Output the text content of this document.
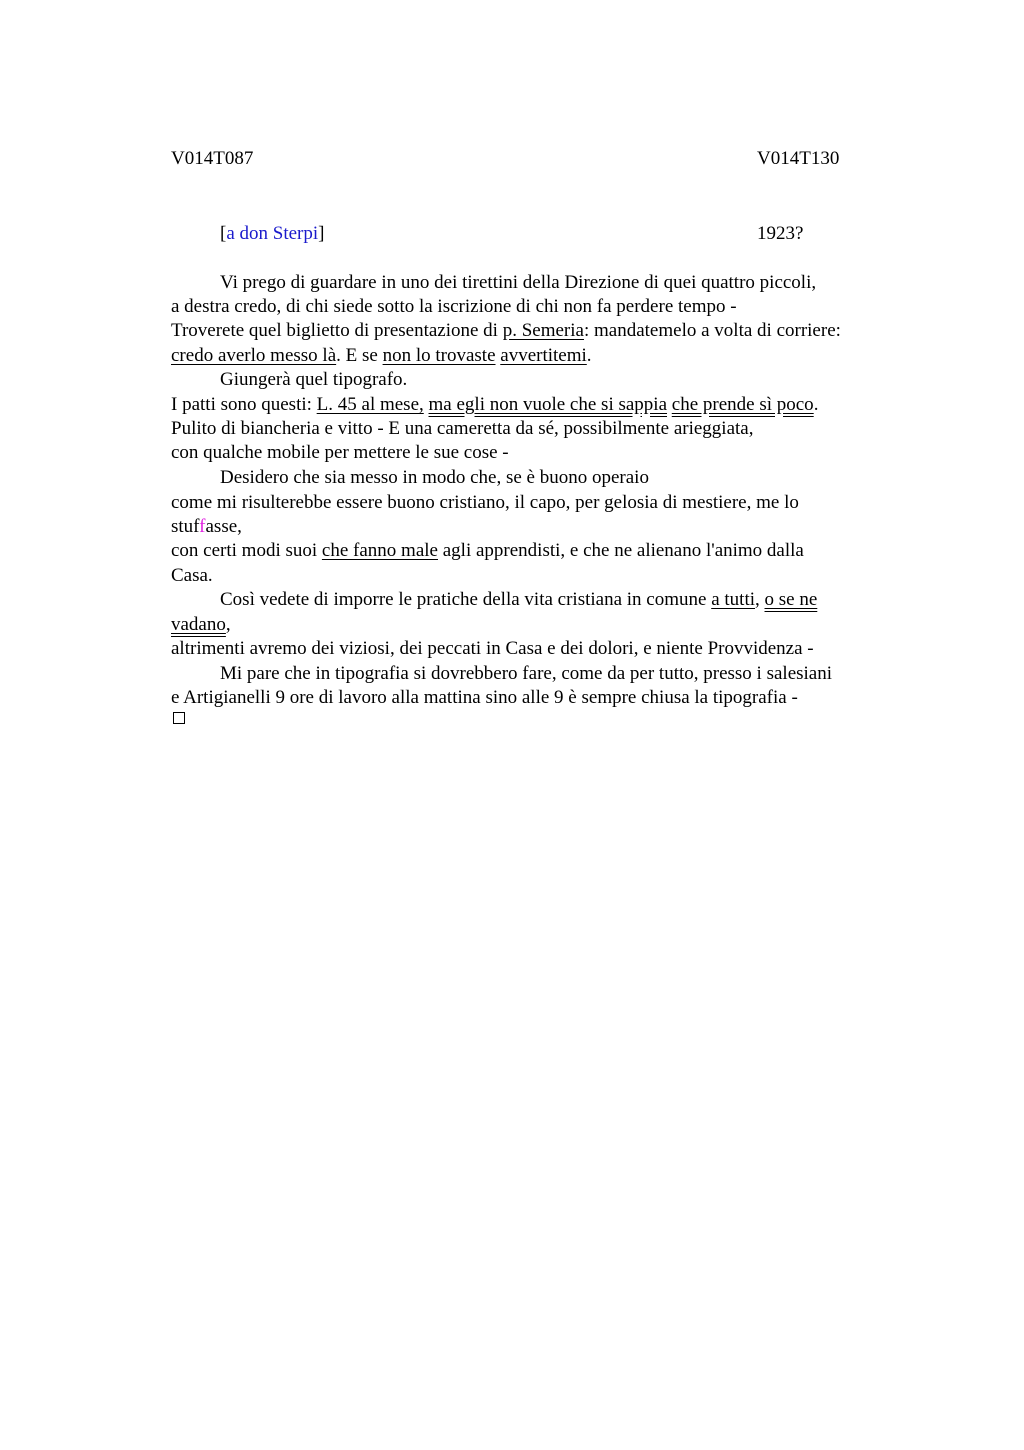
V014T087	V014T130
[a don Sterpi]	1923?
Vi prego di guardare in uno dei tirettini della Direzione di quei quattro piccoli,
a destra credo, di chi siede sotto la iscrizione di chi non fa perdere tempo -
Troverete quel biglietto di presentazione di p. Semeria: mandatemelo a volta di corriere:
credo averlo messo là. E se non lo trovaste avvertitemi.
Giungerà quel tipografo.
I patti sono questi: L. 45 al mese, ma egli non vuole che si sappia che prende sì poco.
Pulito di biancheria e vitto - E una cameretta da sé, possibilmente arieggiata,
con qualche mobile per mettere le sue cose -
Desidero che sia messo in modo che, se è buono operaio
come mi risulterebbe essere buono cristiano, il capo, per gelosia di mestiere, me lo
stuffasse,
con certi modi suoi che fanno male agli apprendisti, e che ne alienano l'animo dalla
Casa.
Così vedete di imporre le pratiche della vita cristiana in comune a tutti, o se ne
vadano,
altrimenti avremo dei viziosi, dei peccati in Casa e dei dolori, e niente Provvidenza -
Mi pare che in tipografia si dovrebbero fare, come da per tutto, presso i salesiani
e Artigianelli 9 ore di lavoro alla mattina sino alle 9 è sempre chiusa la tipografia -
